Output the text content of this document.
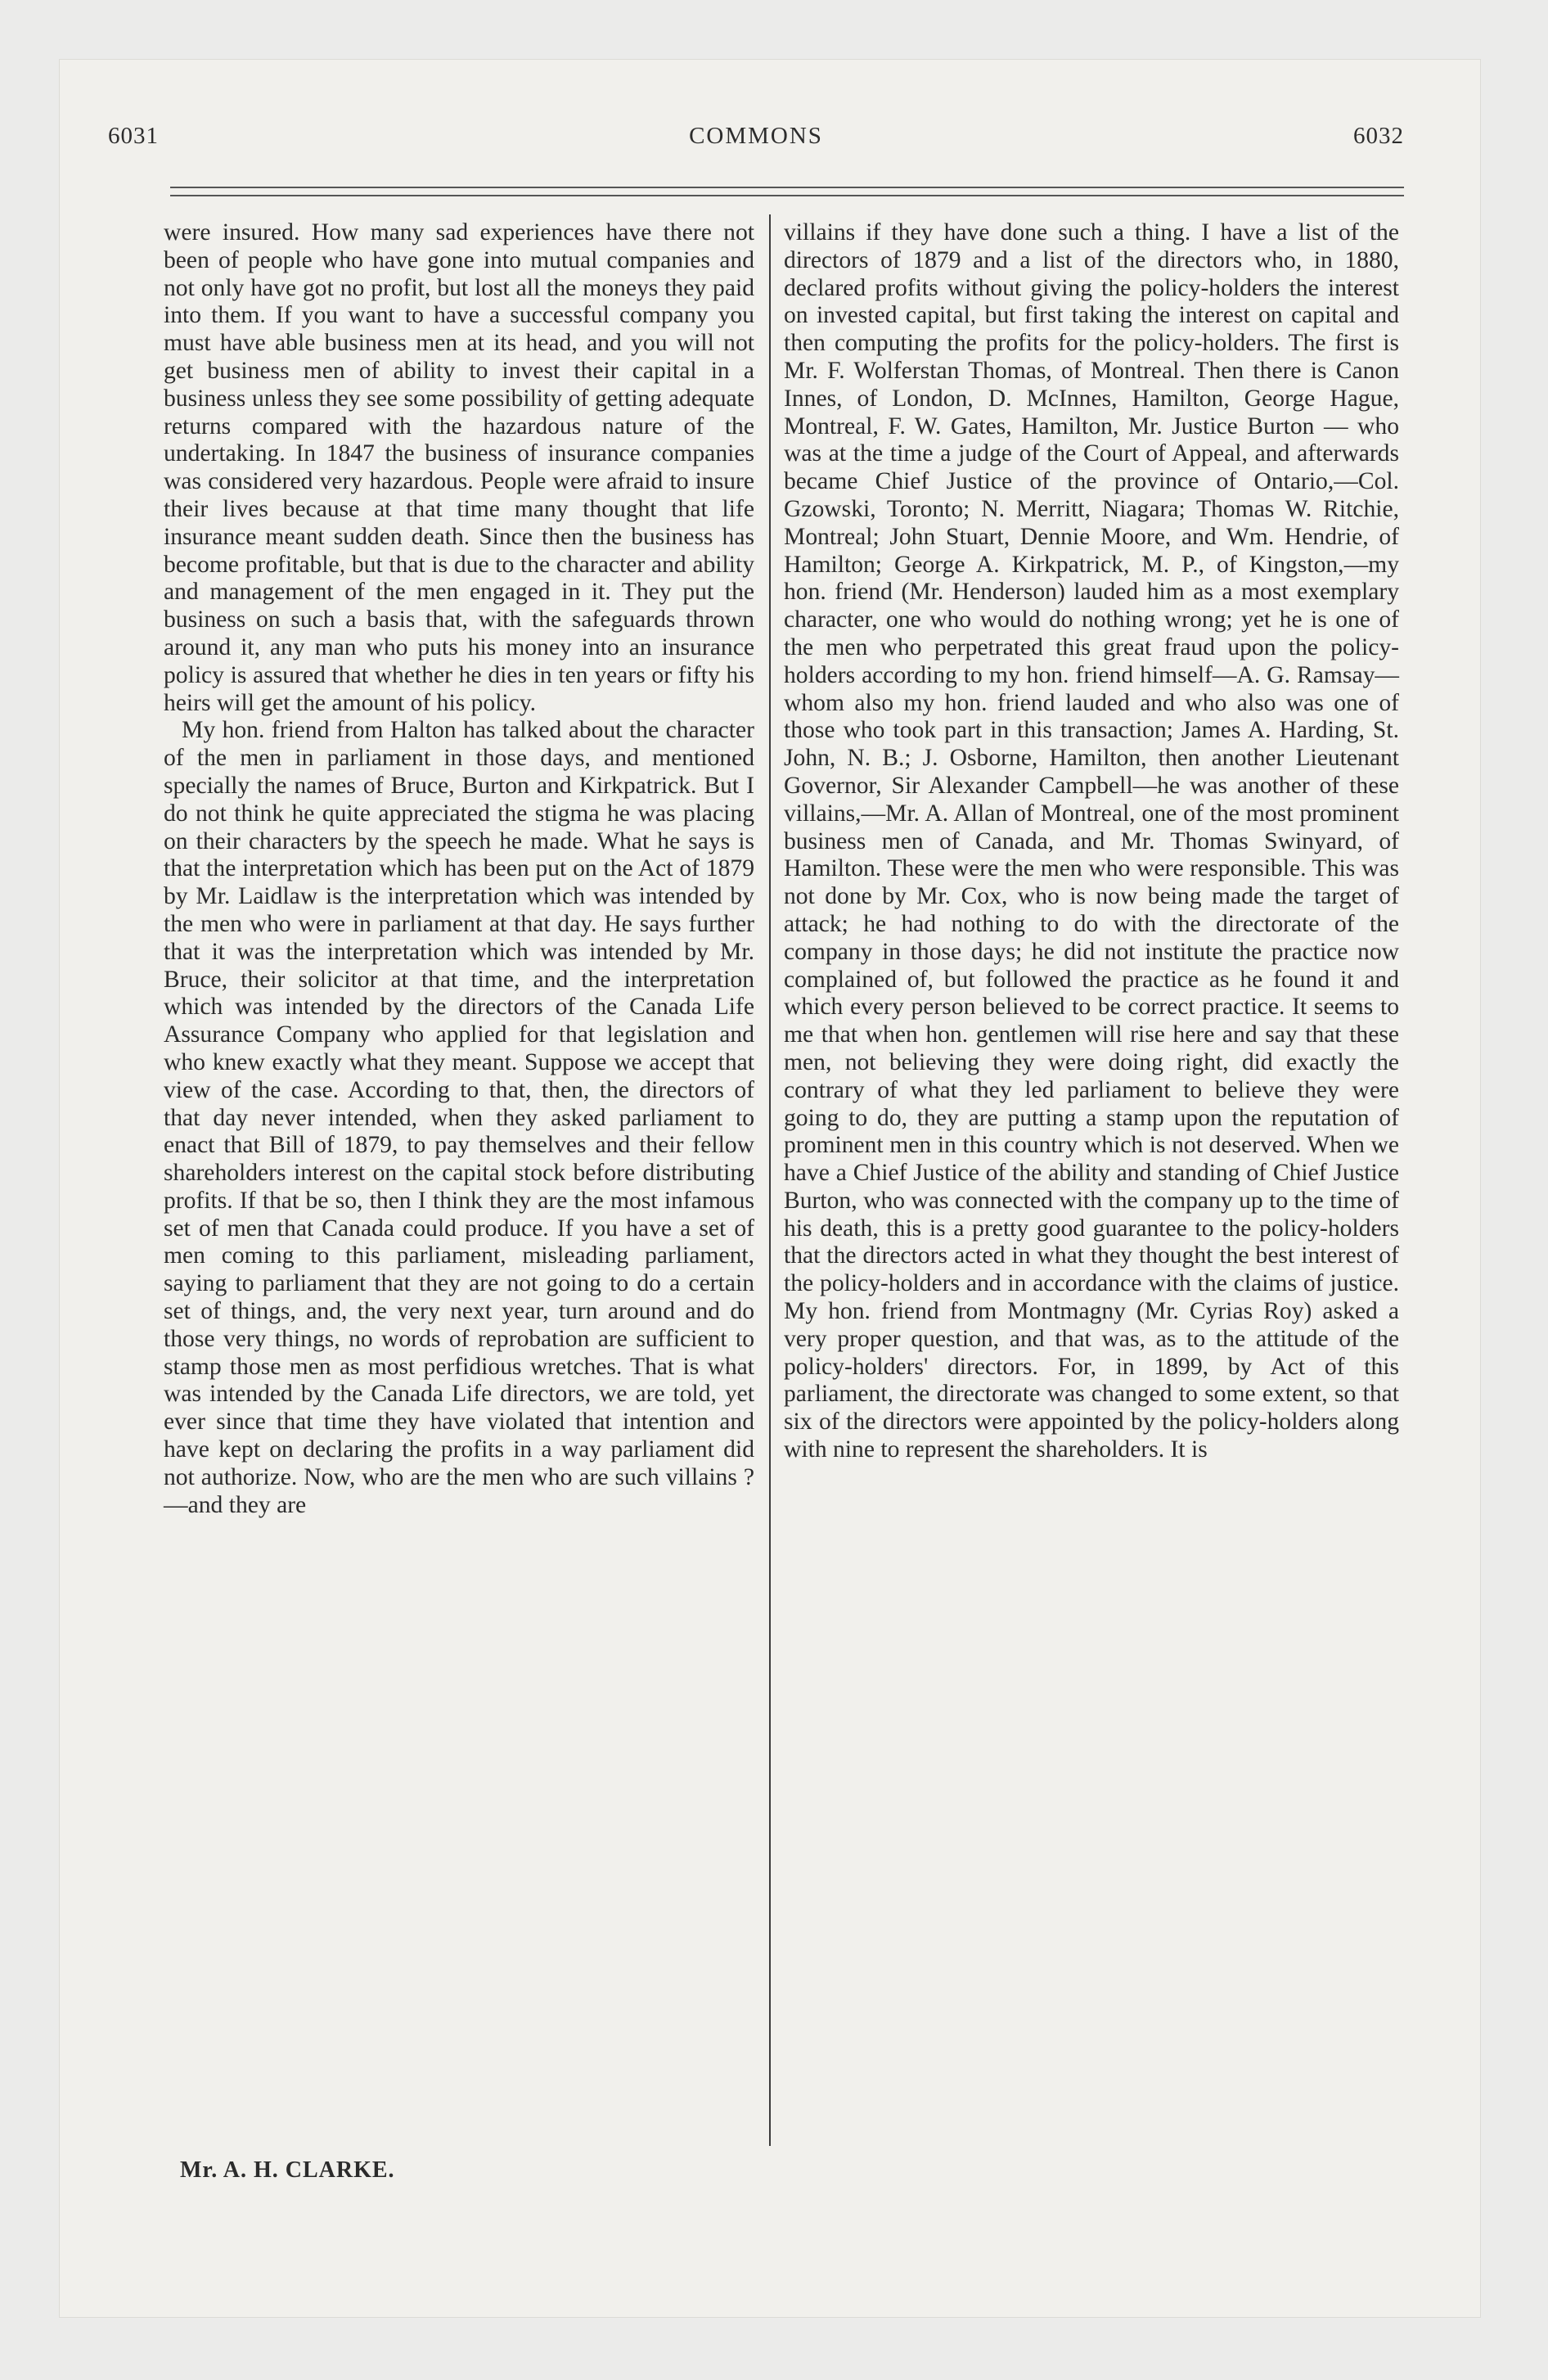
6031	COMMONS	6032

were insured. How many sad experiences have there not been of people who have gone into mutual companies and not only have got no profit, but lost all the moneys they paid into them. If you want to have a successful company you must have able business men at its head, and you will not get business men of ability to invest their capital in a business unless they see some possibility of getting adequate returns compared with the hazardous nature of the undertaking. In 1847 the business of insurance companies was considered very hazardous. People were afraid to insure their lives because at that time many thought that life insurance meant sudden death. Since then the business has become profitable, but that is due to the character and ability and management of the men engaged in it. They put the business on such a basis that, with the safeguards thrown around it, any man who puts his money into an insurance policy is assured that whether he dies in ten years or fifty his heirs will get the amount of his policy.

My hon. friend from Halton has talked about the character of the men in parliament in those days, and mentioned specially the names of Bruce, Burton and Kirkpatrick. But I do not think he quite appreciated the stigma he was placing on their characters by the speech he made. What he says is that the interpretation which has been put on the Act of 1879 by Mr. Laidlaw is the interpretation which was intended by the men who were in parliament at that day. He says further that it was the interpretation which was intended by Mr. Bruce, their solicitor at that time, and the interpretation which was intended by the directors of the Canada Life Assurance Company who applied for that legislation and who knew exactly what they meant. Suppose we accept that view of the case. According to that, then, the directors of that day never intended, when they asked parliament to enact that Bill of 1879, to pay themselves and their fellow shareholders interest on the capital stock before distributing profits. If that be so, then I think they are the most infamous set of men that Canada could produce. If you have a set of men coming to this parliament, misleading parliament, saying to parliament that they are not going to do a certain set of things, and, the very next year, turn around and do those very things, no words of reprobation are sufficient to stamp those men as most perfidious wretches. That is what was intended by the Canada Life directors, we are told, yet ever since that time they have violated that intention and have kept on declaring the profits in a way parliament did not authorize. Now, who are the men who are such villains ?—and they are

villains if they have done such a thing. I have a list of the directors of 1879 and a list of the directors who, in 1880, declared profits without giving the policy-holders the interest on invested capital, but first taking the interest on capital and then computing the profits for the policy-holders. The first is Mr. F. Wolferstan Thomas, of Montreal. Then there is Canon Innes, of London, D. McInnes, Hamilton, George Hague, Montreal, F. W. Gates, Hamilton, Mr. Justice Burton — who was at the time a judge of the Court of Appeal, and afterwards became Chief Justice of the province of Ontario,—Col. Gzowski, Toronto; N. Merritt, Niagara; Thomas W. Ritchie, Montreal; John Stuart, Dennie Moore, and Wm. Hendrie, of Hamilton; George A. Kirkpatrick, M. P., of Kingston,—my hon. friend (Mr. Henderson) lauded him as a most exemplary character, one who would do nothing wrong; yet he is one of the men who perpetrated this great fraud upon the policy-holders according to my hon. friend himself—A. G. Ramsay—whom also my hon. friend lauded and who also was one of those who took part in this transaction; James A. Harding, St. John, N. B.; J. Osborne, Hamilton, then another Lieutenant Governor, Sir Alexander Campbell—he was another of these villains,—Mr. A. Allan of Montreal, one of the most prominent business men of Canada, and Mr. Thomas Swinyard, of Hamilton. These were the men who were responsible. This was not done by Mr. Cox, who is now being made the target of attack; he had nothing to do with the directorate of the company in those days; he did not institute the practice now complained of, but followed the practice as he found it and which every person believed to be correct practice. It seems to me that when hon. gentlemen will rise here and say that these men, not believing they were doing right, did exactly the contrary of what they led parliament to believe they were going to do, they are putting a stamp upon the reputation of prominent men in this country which is not deserved. When we have a Chief Justice of the ability and standing of Chief Justice Burton, who was connected with the company up to the time of his death, this is a pretty good guarantee to the policy-holders that the directors acted in what they thought the best interest of the policy-holders and in accordance with the claims of justice. My hon. friend from Montmagny (Mr. Cyrias Roy) asked a very proper question, and that was, as to the attitude of the policy-holders' directors. For, in 1899, by Act of this parliament, the directorate was changed to some extent, so that six of the directors were appointed by the policy-holders along with nine to represent the shareholders. It is

Mr. A. H. CLARKE.
